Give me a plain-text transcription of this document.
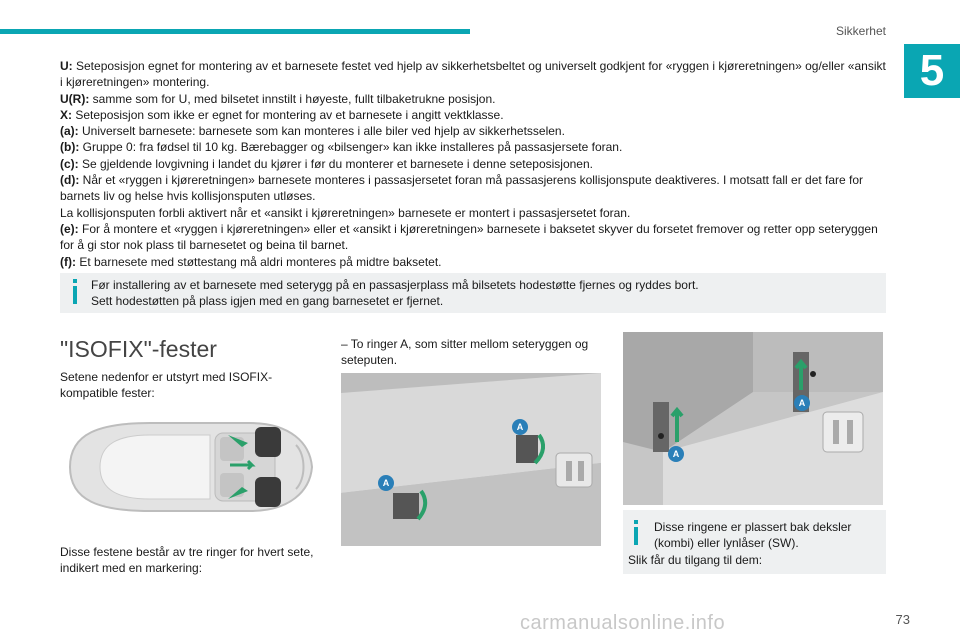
Sikkerhet
5

U: Seteposisjon egnet for montering av et barnesete festet ved hjelp av sikkerhetsbeltet og universelt godkjent for «ryggen i kjøreretningen» og/eller «ansikt i kjøreretningen» montering.

U(R): samme som for U, med bilsetet innstilt i høyeste, fullt tilbaketrukne posisjon.

X: Seteposisjon som ikke er egnet for montering av et barnesete i angitt vektklasse.

(a): Universelt barnesete: barnesete som kan monteres i alle biler ved hjelp av sikkerhetsselen.

(b): Gruppe 0: fra fødsel til 10 kg. Bærebagger og «bilsenger» kan ikke installeres på passasjersete foran.

(c): Se gjeldende lovgivning i landet du kjører i før du monterer et barnesete i denne seteposisjonen.

(d): Når et «ryggen i kjøreretningen» barnesete monteres i passasjersetet foran må passasjerens kollisjonspute deaktiveres. I motsatt fall er det fare for barnets liv og helse hvis kollisjonsputen utløses.

La kollisjonsputen forbli aktivert når et «ansikt i kjøreretningen» barnesete er montert i passasjersetet foran.

(e): For å montere et «ryggen i kjøreretningen» eller et «ansikt i kjøreretningen» barnesete i baksetet skyver du forsetet fremover og retter opp seteryggen for å gi stor nok plass til barnesetet og beina til barnet.

(f): Et barnesete med støttestang må aldri monteres på midtre baksetet.

Før installering av et barnesete med seterygg på en passasjerplass må bilsetets hodestøtte fjernes og ryddes bort.
Sett hodestøtten på plass igjen med en gang barnesetet er fjernet.
"ISOFIX"-fester
Setene nedenfor er utstyrt med ISOFIX-kompatible fester:
Disse festene består av tre ringer for hvert sete, indikert med en markering:
– To ringer A, som sitter mellom seteryggen og seteputen.
A
A
A
A
Disse ringene er plassert bak deksler (kombi) eller lynlåser (SW).
Slik får du tilgang til dem:
carmanualsonline.info	73
